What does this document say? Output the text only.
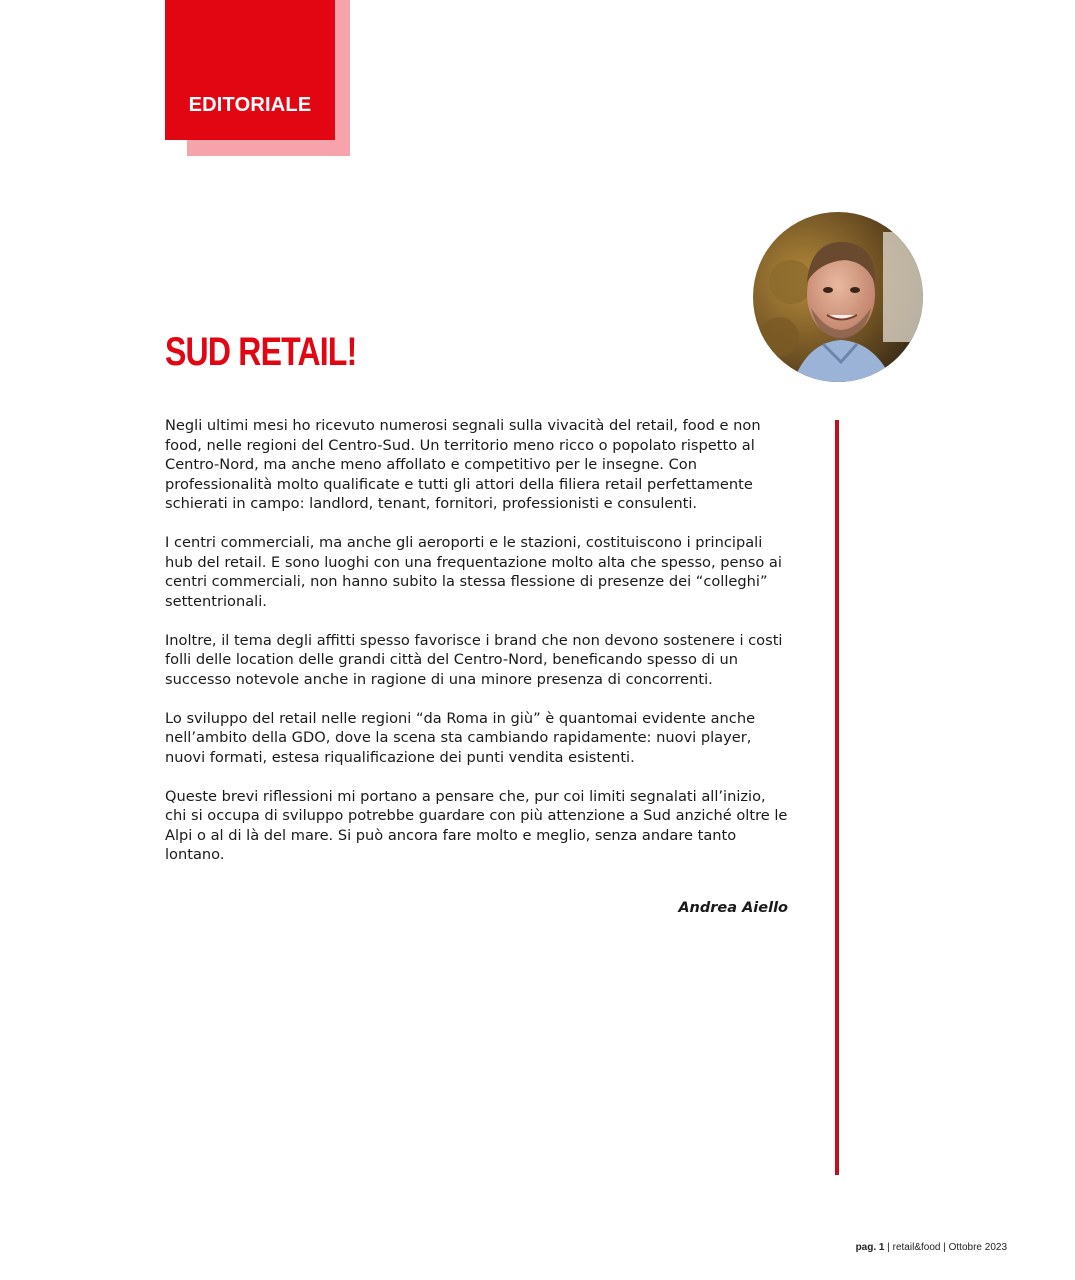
EDITORIALE
SUD RETAIL!

Negli ultimi mesi ho ricevuto numerosi segnali sulla vivacità del retail, food e non food, nelle regioni del Centro-Sud. Un territorio meno ricco o popolato rispetto al Centro-Nord, ma anche meno affollato e competitivo per le insegne. Con professionalità molto qualificate e tutti gli attori della filiera retail perfettamente schierati in campo: landlord, tenant, fornitori, professionisti e consulenti.

I centri commerciali, ma anche gli aeroporti e le stazioni, costituiscono i principali hub del retail. E sono luoghi con una frequentazione molto alta che spesso, penso ai centri commerciali, non hanno subito la stessa flessione di presenze dei “colleghi” settentrionali.

Inoltre, il tema degli affitti spesso favorisce i brand che non devono sostenere i costi folli delle location delle grandi città del Centro-Nord, beneficando spesso di un successo notevole anche in ragione di una minore presenza di concorrenti.

Lo sviluppo del retail nelle regioni “da Roma in giù” è quantomai evidente anche nell’ambito della GDO, dove la scena sta cambiando rapidamente: nuovi player, nuovi formati, estesa riqualificazione dei punti vendita esistenti.

Queste brevi riflessioni mi portano a pensare che, pur coi limiti segnalati all’inizio, chi si occupa di sviluppo potrebbe guardare con più attenzione a Sud anziché oltre le Alpi o al di là del mare. Si può ancora fare molto e meglio, senza andare tanto lontano.

Andrea Aiello
pag. 1 | retail&food | Ottobre 2023
